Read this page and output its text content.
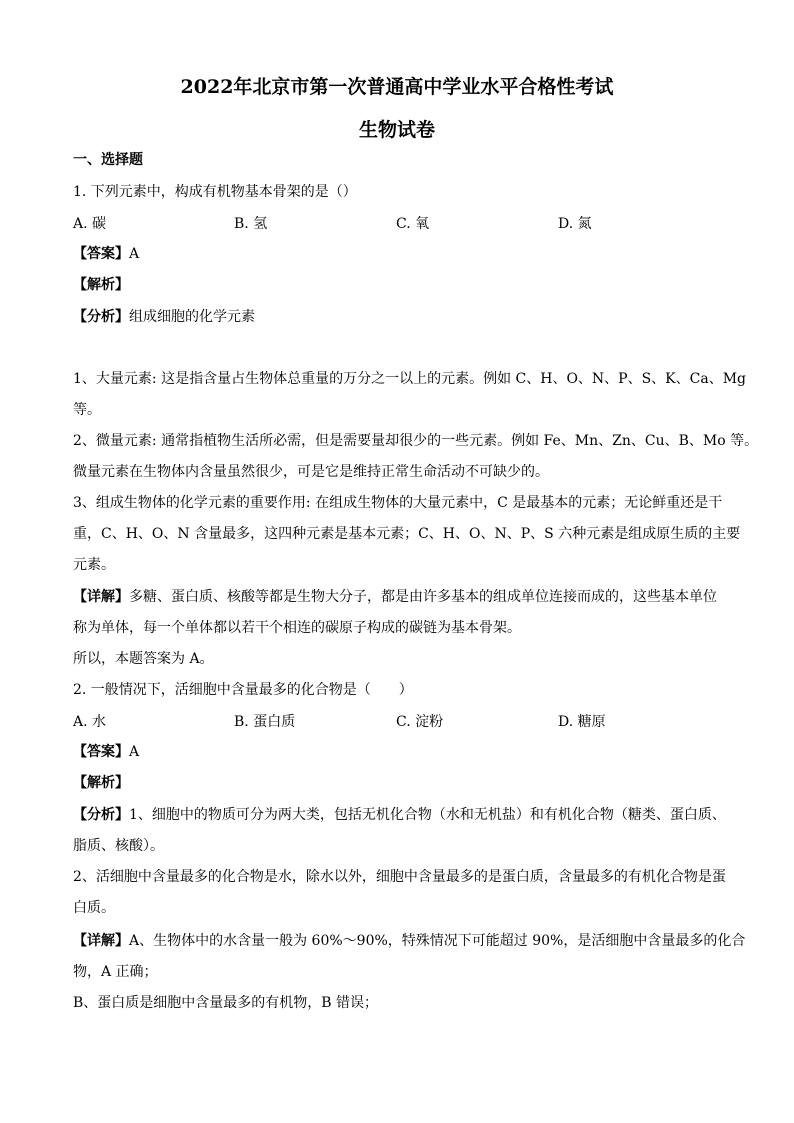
2022年北京市第一次普通高中学业水平合格性考试
生物试卷
一、选择题
1. 下列元素中，构成有机物基本骨架的是（）
A. 碳	B. 氢	C. 氧	D. 氮
【答案】A
【解析】
【分析】组成细胞的化学元素
1、大量元素: 这是指含量占生物体总重量的万分之一以上的元素。例如 C、H、O、N、P、S、K、Ca、Mg
等。
2、微量元素: 通常指植物生活所必需，但是需要量却很少的一些元素。例如 Fe、Mn、Zn、Cu、B、Mo 等。
微量元素在生物体内含量虽然很少，可是它是维持正常生命活动不可缺少的。
3、组成生物体的化学元素的重要作用: 在组成生物体的大量元素中，C 是最基本的元素；无论鲜重还是干
重，C、H、O、N 含量最多，这四种元素是基本元素；C、H、O、N、P、S 六种元素是组成原生质的主要
元素。
【详解】多糖、蛋白质、核酸等都是生物大分子，都是由许多基本的组成单位连接而成的，这些基本单位
称为单体，每一个单体都以若干个相连的碳原子构成的碳链为基本骨架。
所以，本题答案为 A。
2. 一般情况下，活细胞中含量最多的化合物是（　　）
A. 水	B. 蛋白质	C. 淀粉	D. 糖原
【答案】A
【解析】
【分析】1、细胞中的物质可分为两大类，包括无机化合物（水和无机盐）和有机化合物（糖类、蛋白质、
脂质、核酸）。
2、活细胞中含量最多的化合物是水，除水以外，细胞中含量最多的是蛋白质，含量最多的有机化合物是蛋
白质。
【详解】A、生物体中的水含量一般为 60%～90%，特殊情况下可能超过 90%，是活细胞中含量最多的化合
物，A 正确；
B、蛋白质是细胞中含量最多的有机物，B 错误；
